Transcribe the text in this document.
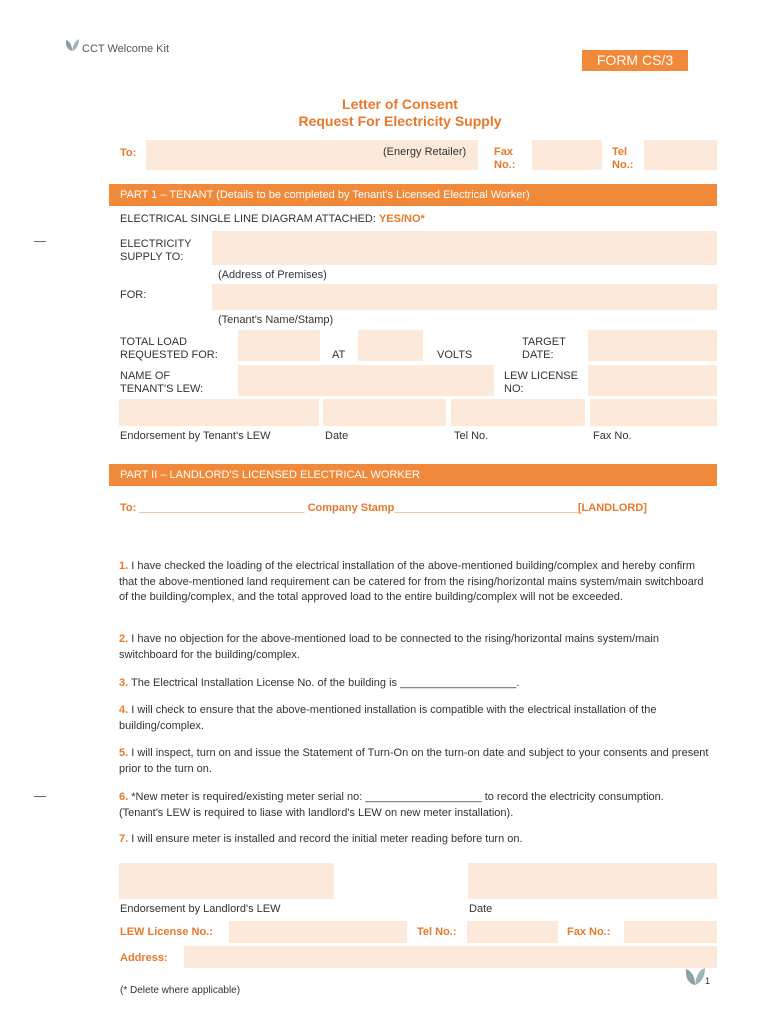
CCT Welcome Kit
FORM CS/3
Letter of Consent
Request For Electricity Supply
To:	(Energy Retailer)	Fax No.:
Tel No.:
PART 1 – TENANT (Details to be completed by Tenant's Licensed Electrical Worker)
ELECTRICAL SINGLE LINE DIAGRAM ATTACHED: YES/NO*
ELECTRICITY SUPPLY TO:
(Address of Premises)
FOR:
(Tenant's Name/Stamp)
TOTAL LOAD REQUESTED FOR:	AT	VOLTS
TARGET DATE:
NAME OF TENANT'S LEW:
LEW LICENSE NO:
Endorsement by Tenant's LEW	Date	Tel No.	Fax No.
PART II – LANDLORD'S LICENSED ELECTRICAL WORKER
To: ___________________________ Company Stamp______________________________[LANDLORD]
1. I have checked the loading of the electrical installation of the above-mentioned building/complex and hereby confirm that the above-mentioned land requirement can be catered for from the rising/horizontal mains system/main switchboard of the building/complex, and the total approved load to the entire building/complex will not be exceeded.
2. I have no objection for the above-mentioned load to be connected to the rising/horizontal mains system/main switchboard for the building/complex.
3. The Electrical Installation License No. of the building is ___________________.
4. I will check to ensure that the above-mentioned installation is compatible with the electrical installation of the building/complex.
5. I will inspect, turn on and issue the Statement of Turn-On on the turn-on date and subject to your consents and present prior to the turn on.
6. *New meter is required/existing meter serial no: ___________________ to record the electricity consumption. (Tenant's LEW is required to liase with landlord's LEW on new meter installation).
7. I will ensure meter is installed and record the initial meter reading before turn on.
Endorsement by Landlord's LEW	Date
LEW License No.:	Tel No.:	Fax No.:
Address:
(* Delete where applicable)
1
